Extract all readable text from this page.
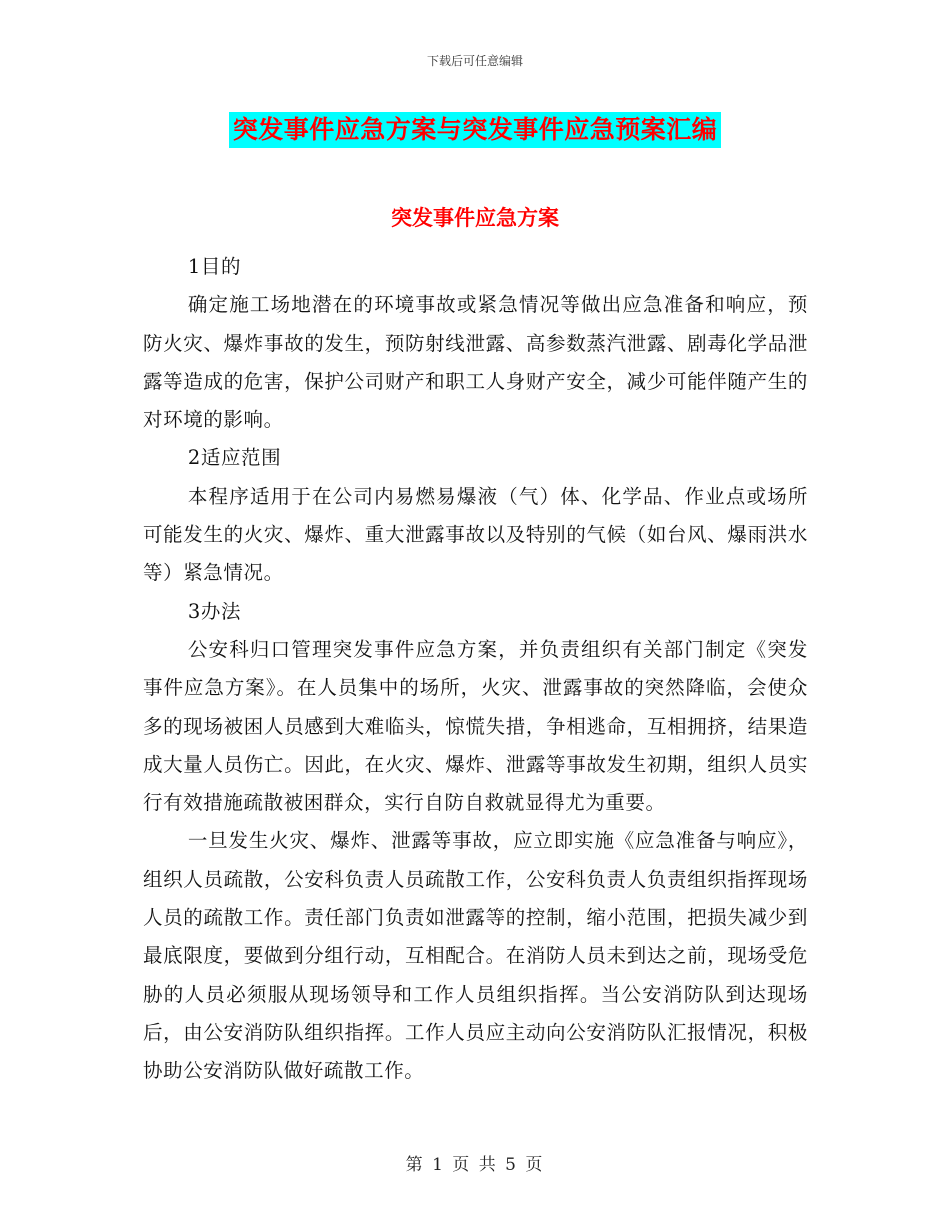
下载后可任意编辑
突发事件应急方案与突发事件应急预案汇编
突发事件应急方案

1目的

确定施工场地潜在的环境事故或紧急情况等做出应急准备和响应，预防火灾、爆炸事故的发生，预防射线泄露、高参数蒸汽泄露、剧毒化学品泄露等造成的危害，保护公司财产和职工人身财产安全，减少可能伴随产生的对环境的影响。

2适应范围

本程序适用于在公司内易燃易爆液（气）体、化学品、作业点或场所可能发生的火灾、爆炸、重大泄露事故以及特别的气候（如台风、爆雨洪水等）紧急情况。

3办法

公安科归口管理突发事件应急方案，并负责组织有关部门制定《突发事件应急方案》。在人员集中的场所，火灾、泄露事故的突然降临，会使众多的现场被困人员感到大难临头，惊慌失措，争相逃命，互相拥挤，结果造成大量人员伤亡。因此，在火灾、爆炸、泄露等事故发生初期，组织人员实行有效措施疏散被困群众，实行自防自救就显得尤为重要。

一旦发生火灾、爆炸、泄露等事故，应立即实施《应急准备与响应》，组织人员疏散，公安科负责人员疏散工作，公安科负责人负责组织指挥现场人员的疏散工作。责任部门负责如泄露等的控制，缩小范围，把损失减少到最底限度，要做到分组行动，互相配合。在消防人员未到达之前，现场受危胁的人员必须服从现场领导和工作人员组织指挥。当公安消防队到达现场后，由公安消防队组织指挥。工作人员应主动向公安消防队汇报情况，积极协助公安消防队做好疏散工作。

第 1 页 共 5 页
